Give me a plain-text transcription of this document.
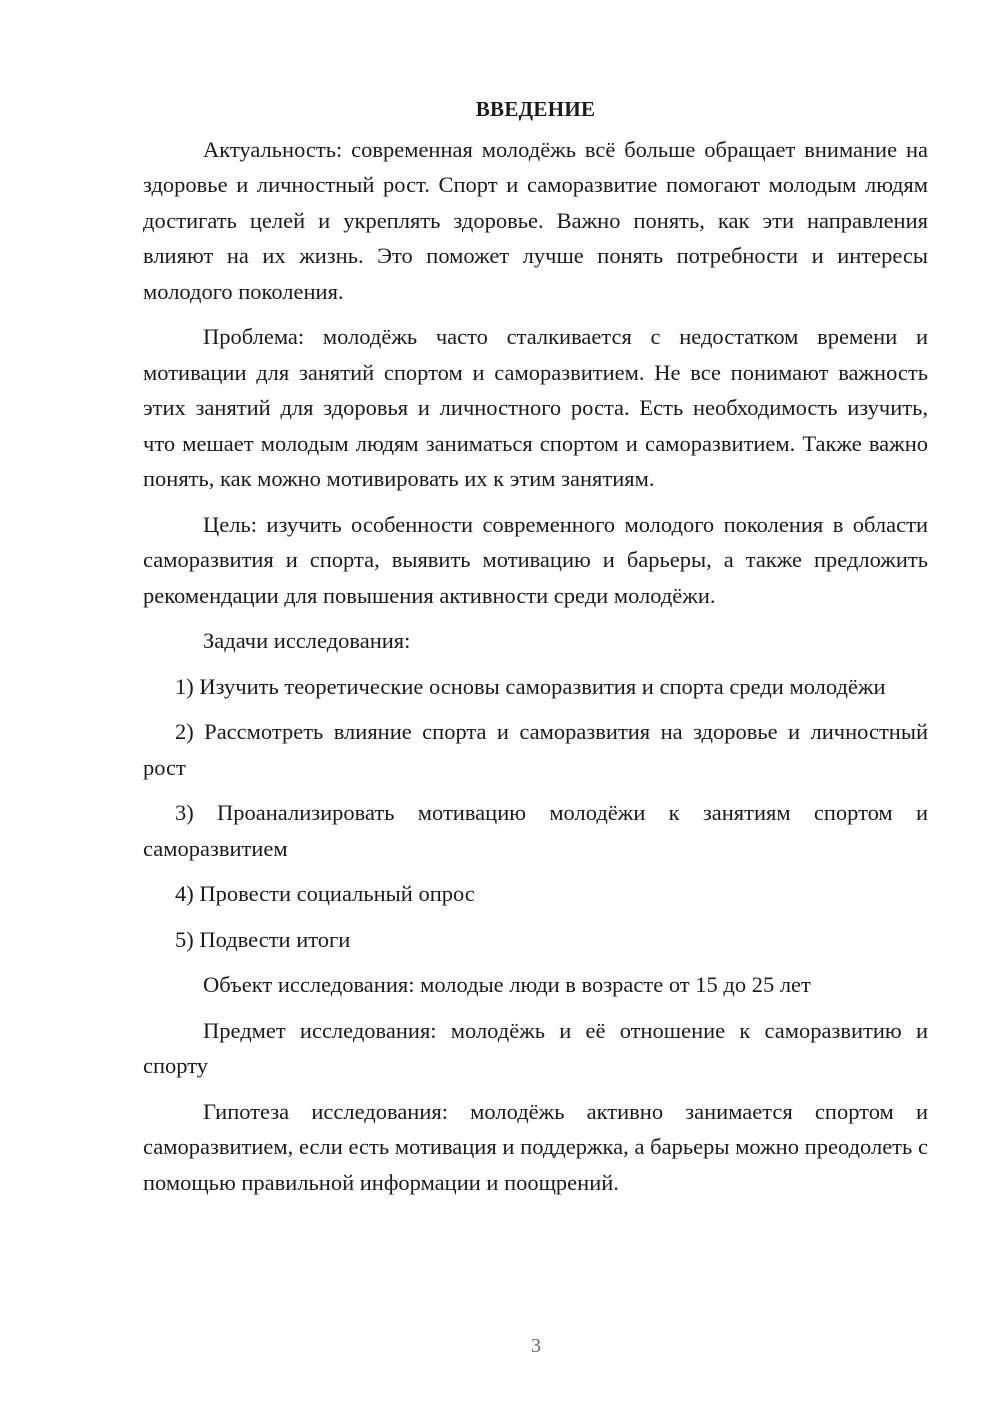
ВВЕДЕНИЕ

Актуальность: современная молодёжь всё больше обращает внимание на здоровье и личностный рост. Спорт и саморазвитие помогают молодым людям достигать целей и укреплять здоровье. Важно понять, как эти направления влияют на их жизнь. Это поможет лучше понять потребности и интересы молодого поколения.

Проблема: молодёжь часто сталкивается с недостатком времени и мотивации для занятий спортом и саморазвитием. Не все понимают важность этих занятий для здоровья и личностного роста. Есть необходимость изучить, что мешает молодым людям заниматься спортом и саморазвитием. Также важно понять, как можно мотивировать их к этим занятиям.

Цель: изучить особенности современного молодого поколения в области саморазвития и спорта, выявить мотивацию и барьеры, а также предложить рекомендации для повышения активности среди молодёжи.

Задачи исследования:

1) Изучить теоретические основы саморазвития и спорта среди молодёжи

2) Рассмотреть влияние спорта и саморазвития на здоровье и личностный рост

3) Проанализировать мотивацию молодёжи к занятиям спортом и саморазвитием

4) Провести социальный опрос

5) Подвести итоги

Объект исследования: молодые люди в возрасте от 15 до 25 лет

Предмет исследования: молодёжь и её отношение к саморазвитию и спорту

Гипотеза исследования: молодёжь активно занимается спортом и саморазвитием, если есть мотивация и поддержка, а барьеры можно преодолеть с помощью правильной информации и поощрений.

3
